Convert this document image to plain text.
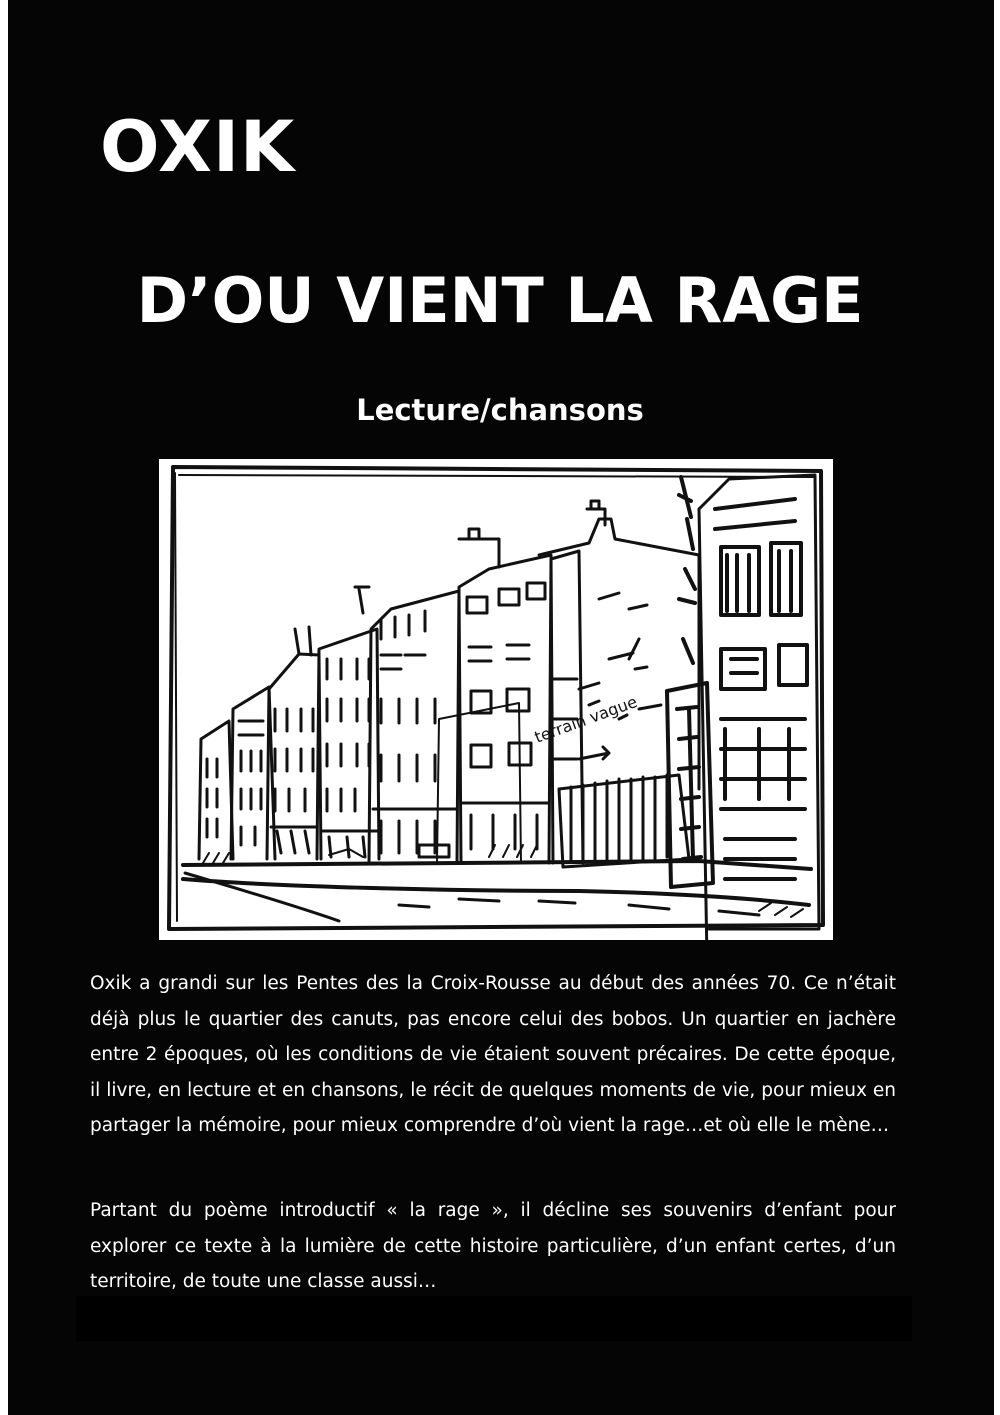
OXIK
D’OU VIENT LA RAGE
Lecture/chansons
terrain vague

Oxik a grandi sur les Pentes des la Croix-Rousse au début des années 70. Ce n’était déjà plus le quartier des canuts, pas encore celui des bobos. Un quartier en jachère entre 2 époques, où les conditions de vie étaient souvent précaires. De cette époque, il livre, en lecture et en chansons, le récit de quelques moments de vie, pour mieux en partager la mémoire, pour mieux comprendre d’où vient la rage…et où elle le mène…

Partant du poème introductif « la rage », il décline ses souvenirs d’enfant pour explorer ce texte à la lumière de cette histoire particulière, d’un enfant certes, d’un territoire, de toute une classe aussi…
